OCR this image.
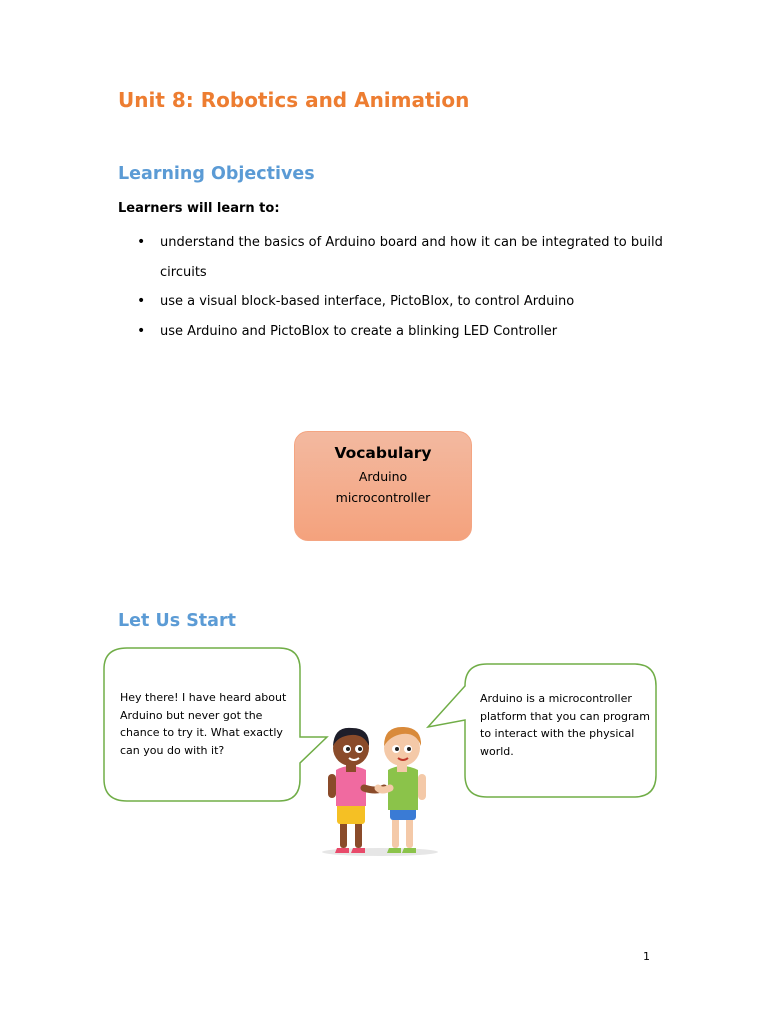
Unit 8: Robotics and Animation
Learning Objectives
Learners will learn to:
• understand the basics of Arduino board and how it can be integrated to build circuits
• use a visual block-based interface, PictoBlox, to control Arduino
• use Arduino and PictoBlox to create a blinking LED Controller
Vocabulary
Arduino
microcontroller
Let Us Start
Hey there! I have heard about Arduino but never got the chance to try it. What exactly can you do with it?
Arduino is a microcontroller platform that you can program to interact with the physical world.
1
